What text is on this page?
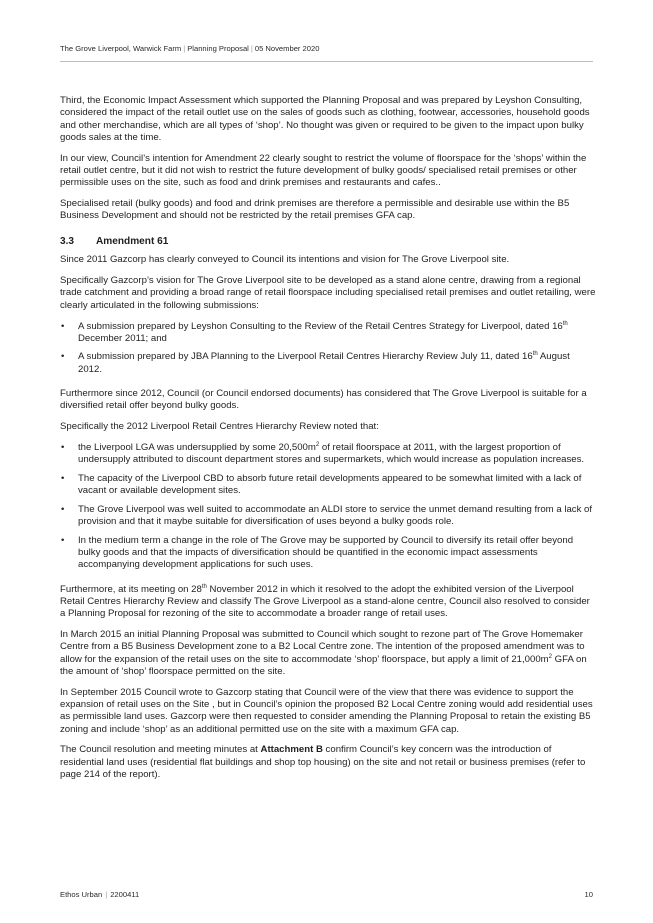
The Grove Liverpool, Warwick Farm | Planning Proposal | 05 November 2020

Third, the Economic Impact Assessment which supported the Planning Proposal and was prepared by Leyshon Consulting, considered the impact of the retail outlet use on the sales of goods such as clothing, footwear, accessories, household goods and other merchandise, which are all types of ‘shop’. No thought was given or required to be given to the impact upon bulky goods sales at the time.

In our view, Council’s intention for Amendment 22 clearly sought to restrict the volume of floorspace for the ‘shops’ within the retail outlet centre, but it did not wish to restrict the future development of bulky goods/ specialised retail premises or other permissible uses on the site, such as food and drink premises and restaurants and cafes..

Specialised retail (bulky goods) and food and drink premises are therefore a permissible and desirable use within the B5 Business Development and should not be restricted by the retail premises GFA cap.

3.3 Amendment 61

Since 2011 Gazcorp has clearly conveyed to Council its intentions and vision for The Grove Liverpool site.

Specifically Gazcorp’s vision for The Grove Liverpool site to be developed as a stand alone centre, drawing from a regional trade catchment and providing a broad range of retail floorspace including specialised retail premises and outlet retailing, were clearly articulated in the following submissions:

• A submission prepared by Leyshon Consulting to the Review of the Retail Centres Strategy for Liverpool, dated 16th December 2011; and
• A submission prepared by JBA Planning to the Liverpool Retail Centres Hierarchy Review July 11, dated 16th August 2012.

Furthermore since 2012, Council (or Council endorsed documents) has considered that The Grove Liverpool is suitable for a diversified retail offer beyond bulky goods.

Specifically the 2012 Liverpool Retail Centres Hierarchy Review noted that:

• the Liverpool LGA was undersupplied by some $20,500m^2$ of retail floorspace at 2011, with the largest proportion of undersupply attributed to discount department stores and supermarkets, which would increase as population increases.
• The capacity of the Liverpool CBD to absorb future retail developments appeared to be somewhat limited with a lack of vacant or available development sites.
• The Grove Liverpool was well suited to accommodate an ALDI store to service the unmet demand resulting from a lack of provision and that it maybe suitable for diversification of uses beyond a bulky goods role.
• In the medium term a change in the role of The Grove may be supported by Council to diversify its retail offer beyond bulky goods and that the impacts of diversification should be quantified in the economic impact assessments accompanying development applications for such uses.

Furthermore, at its meeting on 28th November 2012 in which it resolved to the adopt the exhibited version of the Liverpool Retail Centres Hierarchy Review and classify The Grove Liverpool as a stand-alone centre, Council also resolved to consider a Planning Proposal for rezoning of the site to accommodate a broader range of retail uses.

In March 2015 an initial Planning Proposal was submitted to Council which sought to rezone part of The Grove Homemaker Centre from a B5 Business Development zone to a B2 Local Centre zone. The intention of the proposed amendment was to allow for the expansion of the retail uses on the site to accommodate ‘shop’ floorspace, but apply a limit of $21,000m^2$ GFA on the amount of ‘shop’ floorspace permitted on the site.

In September 2015 Council wrote to Gazcorp stating that Council were of the view that there was evidence to support the expansion of retail uses on the Site , but in Council’s opinion the proposed B2 Local Centre zoning would add residential uses as permissible land uses. Gazcorp were then requested to consider amending the Planning Proposal to retain the existing B5 zoning and include ‘shop’ as an additional permitted use on the site with a maximum GFA cap.

The Council resolution and meeting minutes at Attachment B confirm Council’s key concern was the introduction of residential land uses (residential flat buildings and shop top housing) on the site and not retail or business premises (refer to page 214 of the report).

Ethos Urban | 2200411	10
